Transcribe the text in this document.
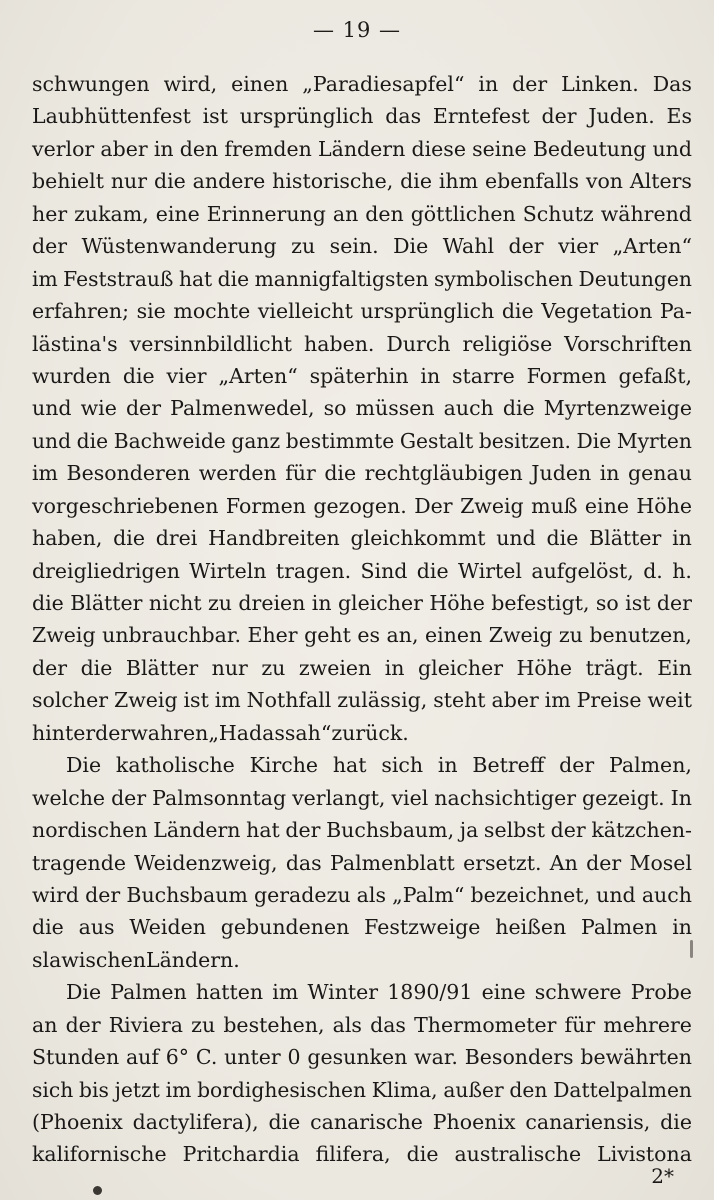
— 19 —
schwungen wird, einen „Paradiesapfel“ in der Linken. Das
Laubhüttenfest ist ursprünglich das Erntefest der Juden. Es
verlor aber in den fremden Ländern diese seine Bedeutung und
behielt nur die andere historische, die ihm ebenfalls von Alters
her zukam, eine Erinnerung an den göttlichen Schutz während
der Wüstenwanderung zu sein. Die Wahl der vier „Arten“
im Feststrauß hat die mannigfaltigsten symbolischen Deutungen
erfahren; sie mochte vielleicht ursprünglich die Vegetation Pa-
lästina's versinnbildlicht haben. Durch religiöse Vorschriften
wurden die vier „Arten“ späterhin in starre Formen gefaßt,
und wie der Palmenwedel, so müssen auch die Myrtenzweige
und die Bachweide ganz bestimmte Gestalt besitzen. Die Myrten
im Besonderen werden für die rechtgläubigen Juden in genau
vorgeschriebenen Formen gezogen. Der Zweig muß eine Höhe
haben, die drei Handbreiten gleichkommt und die Blätter in
dreigliedrigen Wirteln tragen. Sind die Wirtel aufgelöst, d. h.
die Blätter nicht zu dreien in gleicher Höhe befestigt, so ist der
Zweig unbrauchbar. Eher geht es an, einen Zweig zu benutzen,
der die Blätter nur zu zweien in gleicher Höhe trägt. Ein
solcher Zweig ist im Nothfall zulässig, steht aber im Preise weit
hinter der wahren „Hadassah“ zurück.
Die katholische Kirche hat sich in Betreff der Palmen,
welche der Palmsonntag verlangt, viel nachsichtiger gezeigt. In
nordischen Ländern hat der Buchsbaum, ja selbst der kätzchen-
tragende Weidenzweig, das Palmenblatt ersetzt. An der Mosel
wird der Buchsbaum geradezu als „Palm“ bezeichnet, und auch
die aus Weiden gebundenen Festzweige heißen Palmen in
slawischen Ländern.
Die Palmen hatten im Winter 1890/91 eine schwere Probe
an der Riviera zu bestehen, als das Thermometer für mehrere
Stunden auf 6° C. unter 0 gesunken war. Besonders bewährten
sich bis jetzt im bordighesischen Klima, außer den Dattelpalmen
(Phoenix dactylifera), die canarische Phoenix canariensis, die
kalifornische Pritchardia filifera, die australische Livistona
2*
